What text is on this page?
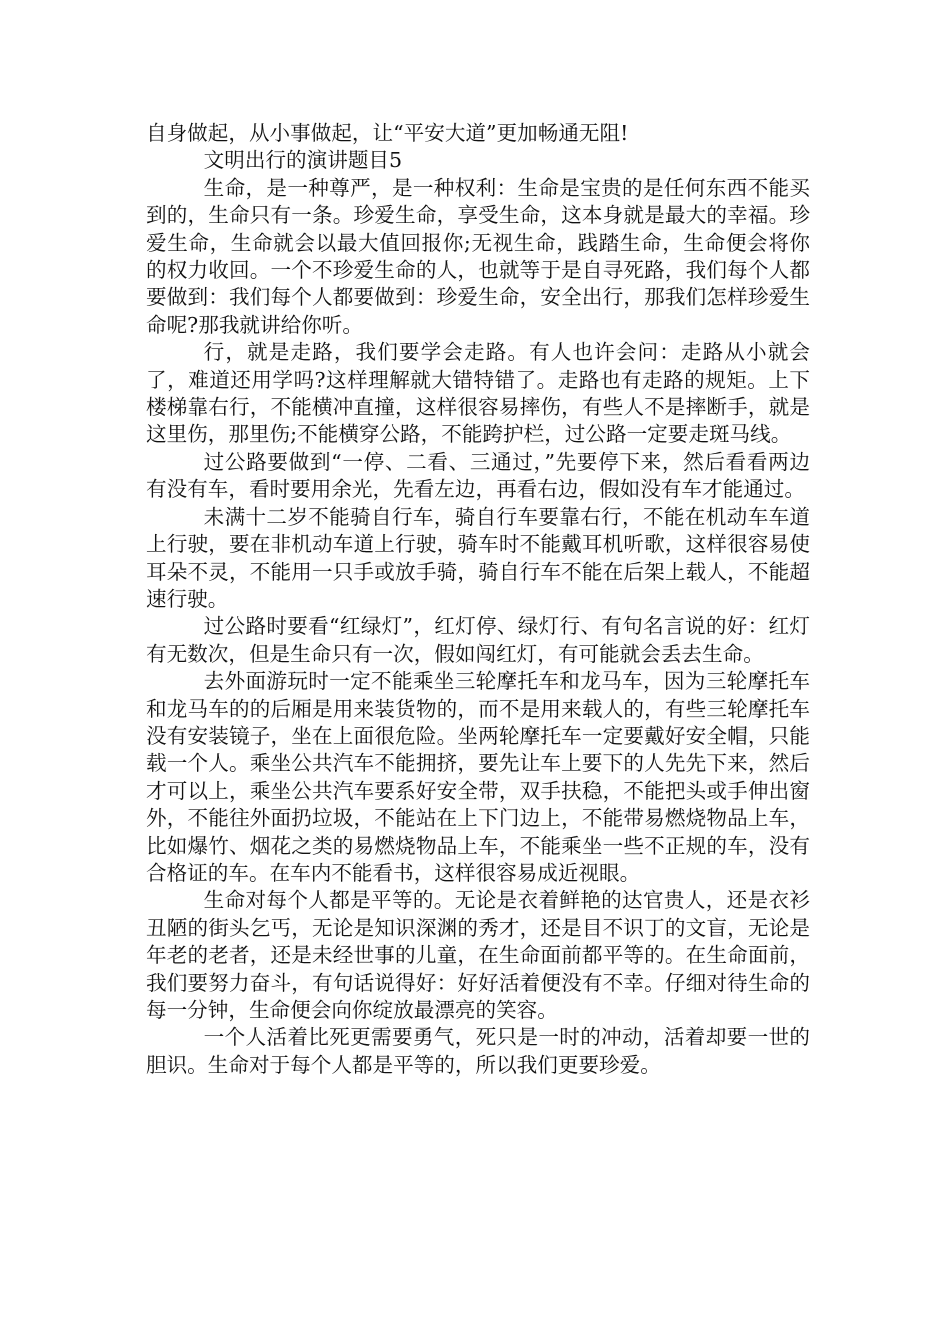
自身做起，从小事做起，让“平安大道”更加畅通无阻!

文明出行的演讲题目5

生命，是一种尊严，是一种权利：生命是宝贵的是任何东西不能买到的，生命只有一条。珍爱生命，享受生命，这本身就是最大的幸福。珍爱生命，生命就会以最大值回报你;无视生命，践踏生命，生命便会将你的权力收回。一个不珍爱生命的人，也就等于是自寻死路，我们每个人都要做到：我们每个人都要做到：珍爱生命，安全出行，那我们怎样珍爱生命呢?那我就讲给你听。

行，就是走路，我们要学会走路。有人也许会问：走路从小就会了，难道还用学吗?这样理解就大错特错了。走路也有走路的规矩。上下楼梯靠右行，不能横冲直撞，这样很容易摔伤，有些人不是摔断手，就是这里伤，那里伤;不能横穿公路，不能跨护栏，过公路一定要走斑马线。

过公路要做到“一停、二看、三通过，”先要停下来，然后看看两边有没有车，看时要用余光，先看左边，再看右边，假如没有车才能通过。

未满十二岁不能骑自行车，骑自行车要靠右行，不能在机动车车道上行驶，要在非机动车道上行驶，骑车时不能戴耳机听歌，这样很容易使耳朵不灵，不能用一只手或放手骑，骑自行车不能在后架上载人，不能超速行驶。

过公路时要看“红绿灯”，红灯停、绿灯行、有句名言说的好：红灯有无数次，但是生命只有一次，假如闯红灯，有可能就会丢去生命。

去外面游玩时一定不能乘坐三轮摩托车和龙马车，因为三轮摩托车和龙马车的的后厢是用来装货物的，而不是用来载人的，有些三轮摩托车没有安装镜子，坐在上面很危险。坐两轮摩托车一定要戴好安全帽，只能载一个人。乘坐公共汽车不能拥挤，要先让车上要下的人先先下来，然后才可以上，乘坐公共汽车要系好安全带，双手扶稳，不能把头或手伸出窗外，不能往外面扔垃圾，不能站在上下门边上，不能带易燃烧物品上车，比如爆竹、烟花之类的易燃烧物品上车，不能乘坐一些不正规的车，没有合格证的车。在车内不能看书，这样很容易成近视眼。

生命对每个人都是平等的。无论是衣着鲜艳的达官贵人，还是衣衫丑陋的街头乞丐，无论是知识深渊的秀才，还是目不识丁的文盲，无论是年老的老者，还是未经世事的儿童，在生命面前都平等的。在生命面前，我们要努力奋斗，有句话说得好：好好活着便没有不幸。仔细对待生命的每一分钟，生命便会向你绽放最漂亮的笑容。

一个人活着比死更需要勇气，死只是一时的冲动，活着却要一世的胆识。生命对于每个人都是平等的，所以我们更要珍爱。
